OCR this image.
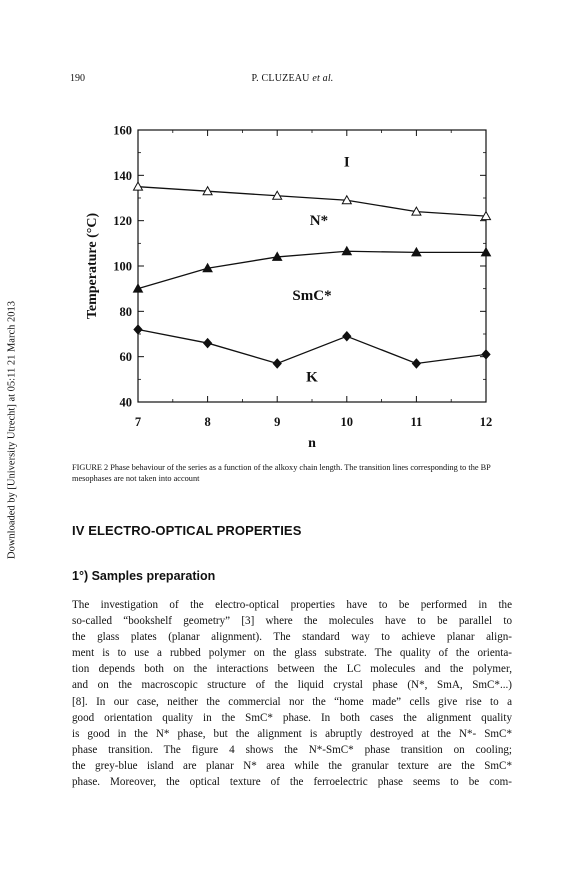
190	P. CLUZEAU et al.
Downloaded by [University Utrecht] at 05:11 21 March 2013	7	8	9	10	11	12
40
60
80
100
120
140
160
I
N*
SmC*
K
n
Temperature (°C)
FIGURE 2 Phase behaviour of the series as a function of the alkoxy chain length. The transition lines corresponding to the BP mesophases are not taken into account
IV ELECTRO-OPTICAL PROPERTIES
1°) Samples preparation
The investigation of the electro-optical properties have to be performed in the
so-called “bookshelf geometry” [3] where the molecules have to be parallel to
the glass plates (planar alignment). The standard way to achieve planar align-
ment is to use a rubbed polymer on the glass substrate. The quality of the orienta-
tion depends both on the interactions between the LC molecules and the polymer,
and on the macroscopic structure of the liquid crystal phase (N*, SmA, SmC*...)
[8]. In our case, neither the commercial nor the “home made” cells give rise to a
good orientation quality in the SmC* phase. In both cases the alignment quality
is good in the N* phase, but the alignment is abruptly destroyed at the N*- SmC*
phase transition. The figure 4 shows the N*-SmC* phase transition on cooling;
the grey-blue island are planar N* area while the granular texture are the SmC*
phase. Moreover, the optical texture of the ferroelectric phase seems to be com-
